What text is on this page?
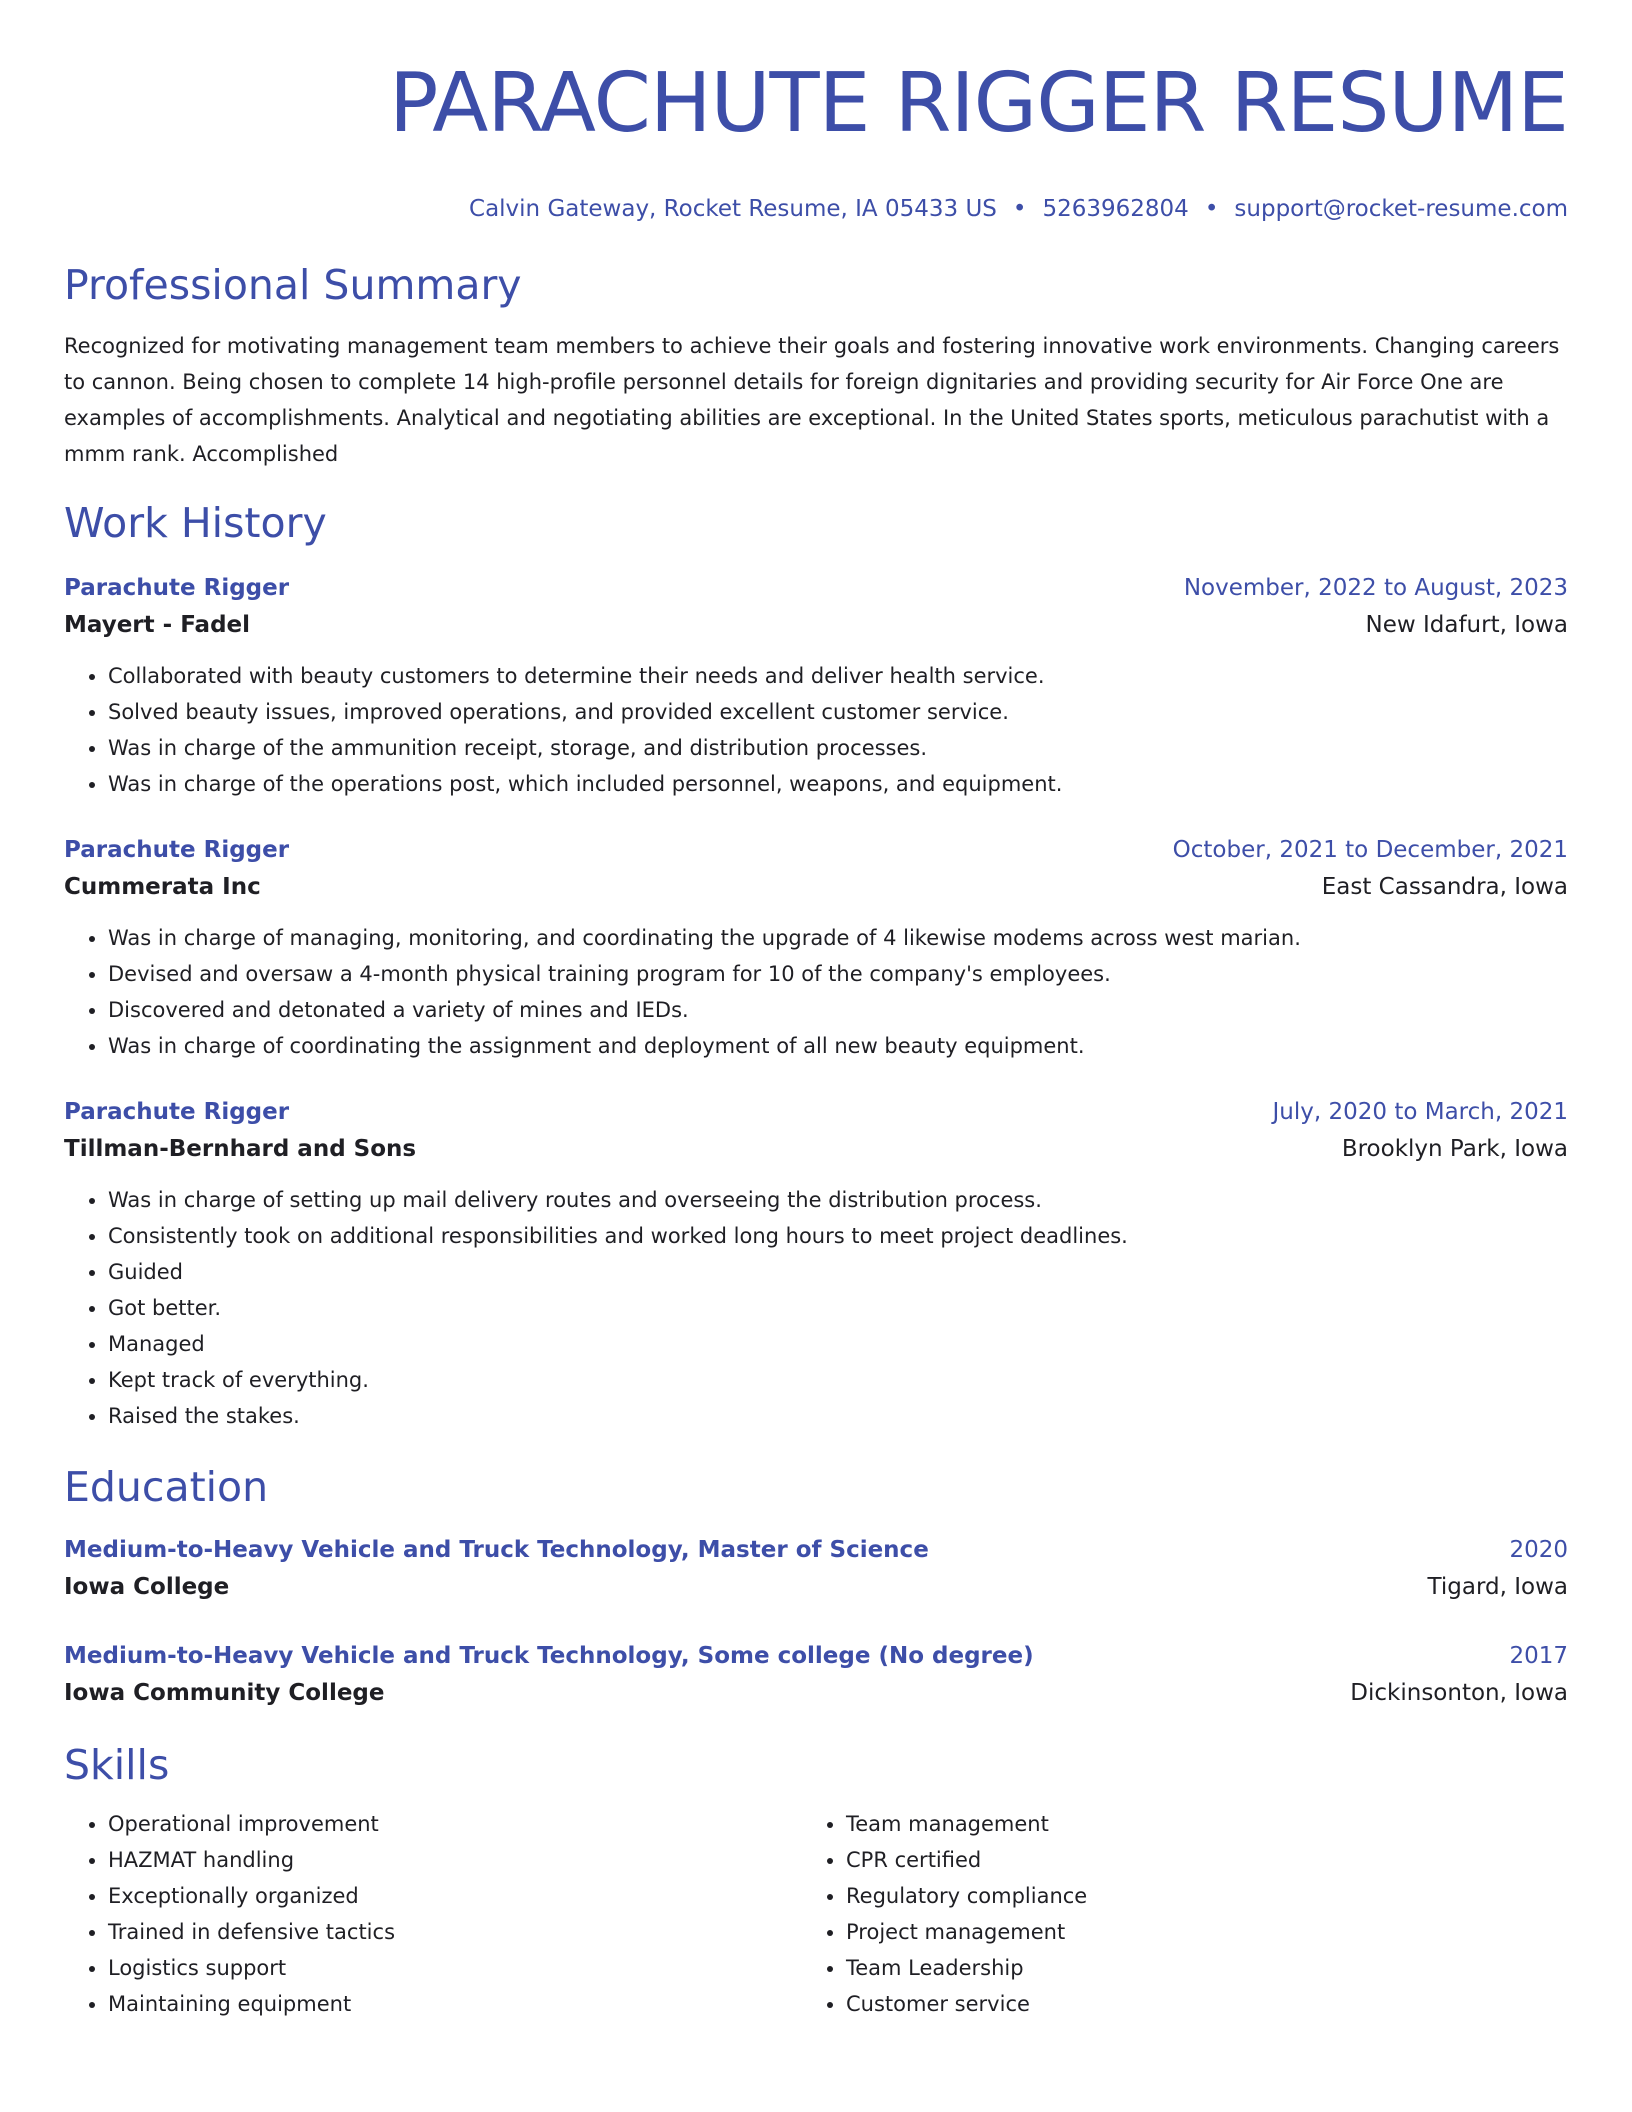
PARACHUTE RIGGER RESUME
Calvin Gateway, Rocket Resume, IA 05433 US • 5263962804 • support@rocket-resume.com
Professional Summary

Recognized for motivating management team members to achieve their goals and fostering innovative work environments. Changing careers to cannon. Being chosen to complete 14 high-profile personnel details for foreign dignitaries and providing security for Air Force One are examples of accomplishments. Analytical and negotiating abilities are exceptional. In the United States sports, meticulous parachutist with a mmm rank. Accomplished

Work History
Parachute Rigger	November, 2022 to August, 2023
Mayert - Fadel	New Idafurt, Iowa
• Collaborated with beauty customers to determine their needs and deliver health service.
• Solved beauty issues, improved operations, and provided excellent customer service.
• Was in charge of the ammunition receipt, storage, and distribution processes.
• Was in charge of the operations post, which included personnel, weapons, and equipment.
Parachute Rigger	October, 2021 to December, 2021
Cummerata Inc	East Cassandra, Iowa
• Was in charge of managing, monitoring, and coordinating the upgrade of 4 likewise modems across west marian.
• Devised and oversaw a 4-month physical training program for 10 of the company's employees.
• Discovered and detonated a variety of mines and IEDs.
• Was in charge of coordinating the assignment and deployment of all new beauty equipment.
Parachute Rigger	July, 2020 to March, 2021
Tillman-Bernhard and Sons	Brooklyn Park, Iowa
• Was in charge of setting up mail delivery routes and overseeing the distribution process.
• Consistently took on additional responsibilities and worked long hours to meet project deadlines.
• Guided
• Got better.
• Managed
• Kept track of everything.
• Raised the stakes.
Education
Medium-to-Heavy Vehicle and Truck Technology, Master of Science	2020
Iowa College	Tigard, Iowa
Medium-to-Heavy Vehicle and Truck Technology, Some college (No degree)	2017
Iowa Community College	Dickinsonton, Iowa
Skills
• Operational improvement
• HAZMAT handling
• Exceptionally organized
• Trained in defensive tactics
• Logistics support
• Maintaining equipment
• Team management
• CPR certified
• Regulatory compliance
• Project management
• Team Leadership
• Customer service
